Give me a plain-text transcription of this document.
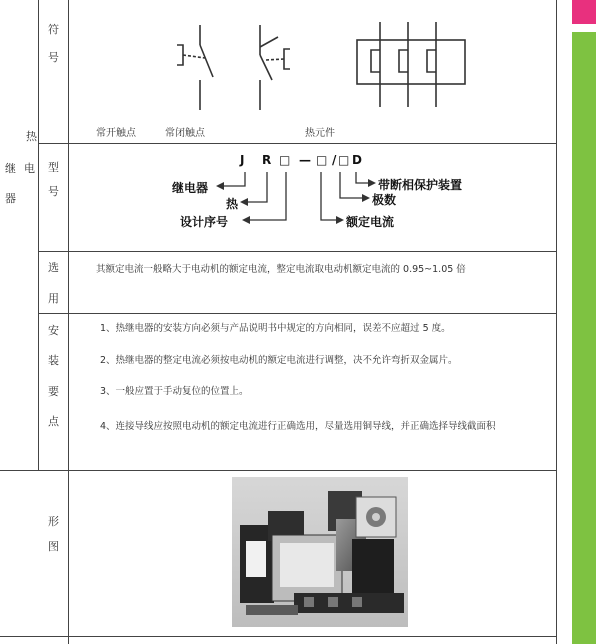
热
继 电
器
符
号
型
号
选
用
安
装
要
点
形
图
常开触点	常闭触点	热元件
J R □ — □ / □ D
继电器
热
设计序号
带断相保护装置
极数
额定电流
其额定电流一般略大于电动机的额定电流，整定电流取电动机额定电流的 0.95~1.05 倍
1、热继电器的安装方向必须与产品说明书中规定的方向相同，误差不应超过 5 度。
2、热继电器的整定电流必须按电动机的额定电流进行调整，决不允许弯折双金属片。
3、一般应置于手动复位的位置上。
4、连接导线应按照电动机的额定电流进行正确选用，尽量选用铜导线，并正确选择导线截面积
